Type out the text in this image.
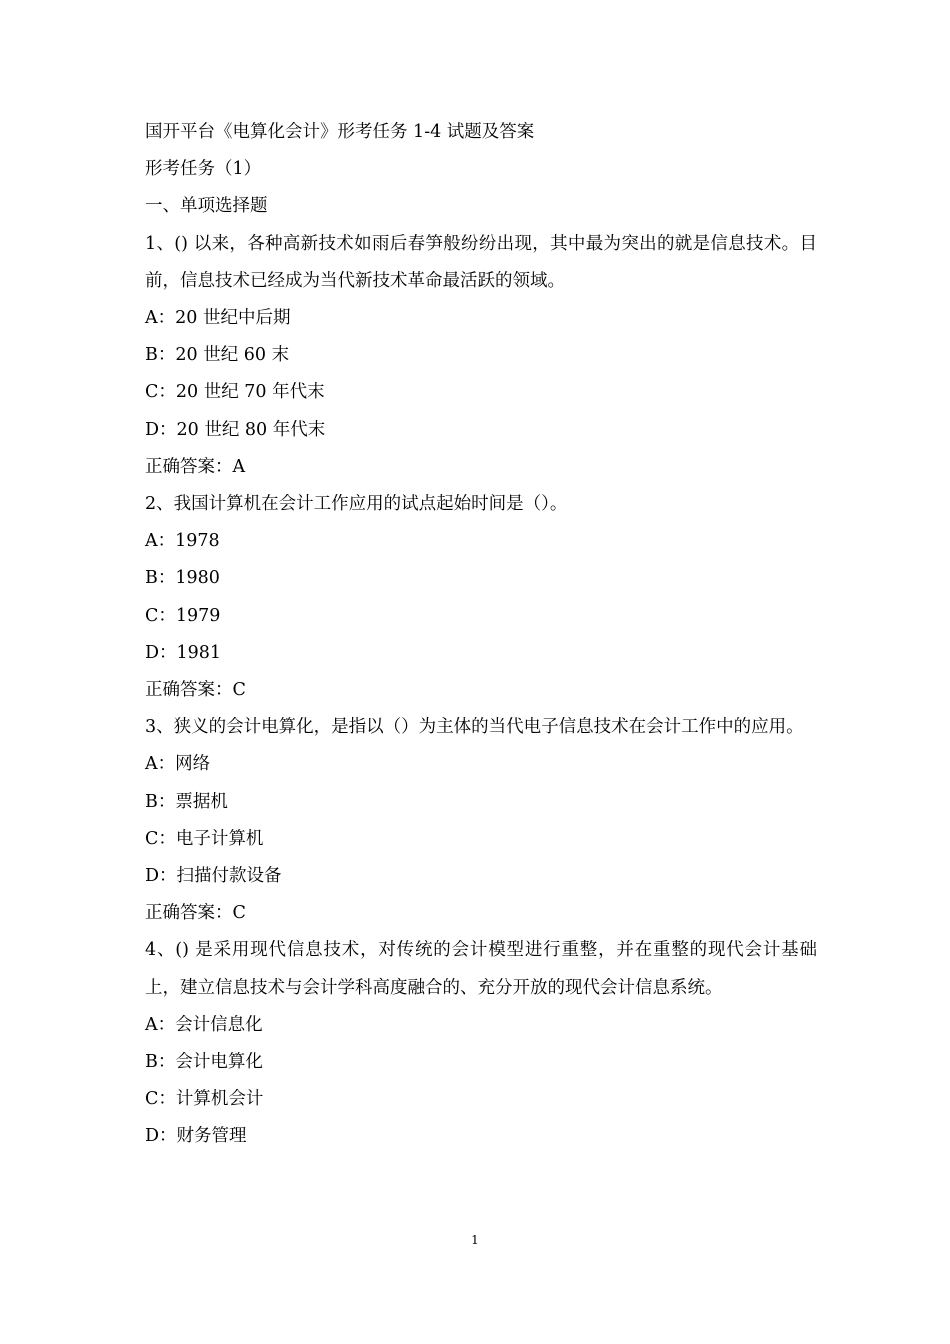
国开平台《电算化会计》形考任务 1-4 试题及答案
形考任务（1）
一、单项选择题
1、() 以来，各种高新技术如雨后春笋般纷纷出现，其中最为突出的就是信息技术。目前，信息技术已经成为当代新技术革命最活跃的领域。
A：20 世纪中后期
B：20 世纪 60 末
C：20 世纪 70 年代末
D：20 世纪 80 年代末
正确答案：A
2、我国计算机在会计工作应用的试点起始时间是（）。
A：1978
B：1980
C：1979
D：1981
正确答案：C
3、狭义的会计电算化，是指以（）为主体的当代电子信息技术在会计工作中的应用。
A：网络
B：票据机
C：电子计算机
D：扫描付款设备
正确答案：C
4、() 是采用现代信息技术，对传统的会计模型进行重整，并在重整的现代会计基础上，建立信息技术与会计学科高度融合的、充分开放的现代会计信息系统。
A：会计信息化
B：会计电算化
C：计算机会计
D：财务管理
1
